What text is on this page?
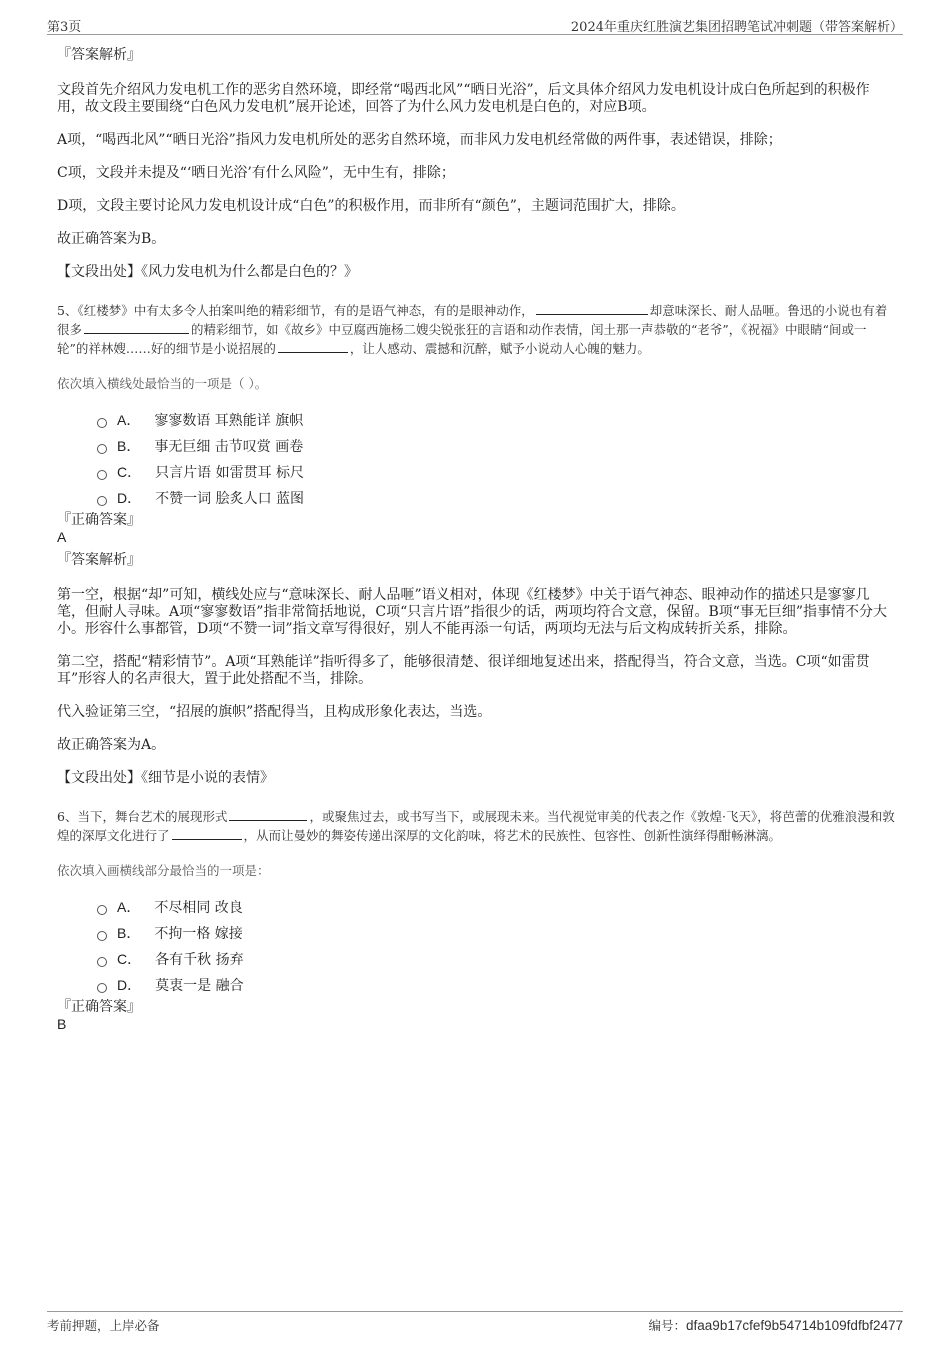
第3页	2024年重庆红胜演艺集团招聘笔试冲刺题（带答案解析）

『答案解析』

文段首先介绍风力发电机工作的恶劣自然环境，即经常“喝西北风”“晒日光浴”，后文具体介绍风力发电机设计成白色所起到的积极作用，故文段主要围绕“白色风力发电机”展开论述，回答了为什么风力发电机是白色的，对应B项。

A项，“喝西北风”“晒日光浴”指风力发电机所处的恶劣自然环境，而非风力发电机经常做的两件事，表述错误，排除；

C项，文段并未提及“‘晒日光浴’有什么风险”，无中生有，排除；

D项，文段主要讨论风力发电机设计成“白色”的积极作用，而非所有“颜色”，主题词范围扩大，排除。

故正确答案为B。

【文段出处】《风力发电机为什么都是白色的？》

5、《红楼梦》中有太多令人拍案叫绝的精彩细节，有的是语气神态，有的是眼神动作，	却意味深长、耐人品咂。鲁迅的小说也有着很多	的精彩细节，如《故乡》中豆腐西施杨二嫂尖锐张狂的言语和动作表情，闰土那一声恭敬的“老爷”，《祝福》中眼睛“间或一轮”的祥林嫂……好的细节是小说招展的	，让人感动、震撼和沉醉，赋予小说动人心魄的魅力。

依次填入横线处最恰当的一项是（ ）。

A． 寥寥数语 耳熟能详 旗帜
B． 事无巨细 击节叹赏 画卷
C． 只言片语 如雷贯耳 标尺
D． 不赞一词 脍炙人口 蓝图

『正确答案』

A

『答案解析』

第一空，根据“却”可知，横线处应与“意味深长、耐人品咂”语义相对，体现《红楼梦》中关于语气神态、眼神动作的描述只是寥寥几笔，但耐人寻味。A项“寥寥数语”指非常简括地说，C项“只言片语”指很少的话，两项均符合文意，保留。B项“事无巨细”指事情不分大小。形容什么事都管，D项“不赞一词”指文章写得很好，别人不能再添一句话，两项均无法与后文构成转折关系，排除。

第二空，搭配“精彩情节”。A项“耳熟能详”指听得多了，能够很清楚、很详细地复述出来，搭配得当，符合文意，当选。C项“如雷贯耳”形容人的名声很大，置于此处搭配不当，排除。

代入验证第三空，“招展的旗帜”搭配得当，且构成形象化表达，当选。

故正确答案为A。

【文段出处】《细节是小说的表情》

6、当下，舞台艺术的展现形式	，或聚焦过去，或书写当下，或展现未来。当代视觉审美的代表之作《敦煌·飞天》，将芭蕾的优雅浪漫和敦煌的深厚文化进行了	，从而让曼妙的舞姿传递出深厚的文化韵味，将艺术的民族性、包容性、创新性演绎得酣畅淋漓。

依次填入画横线部分最恰当的一项是：

A． 不尽相同 改良
B． 不拘一格 嫁接
C． 各有千秋 扬弃
D． 莫衷一是 融合

『正确答案』

B

考前押题，上岸必备	编号：dfaa9b17cfef9b54714b109fdfbf2477
